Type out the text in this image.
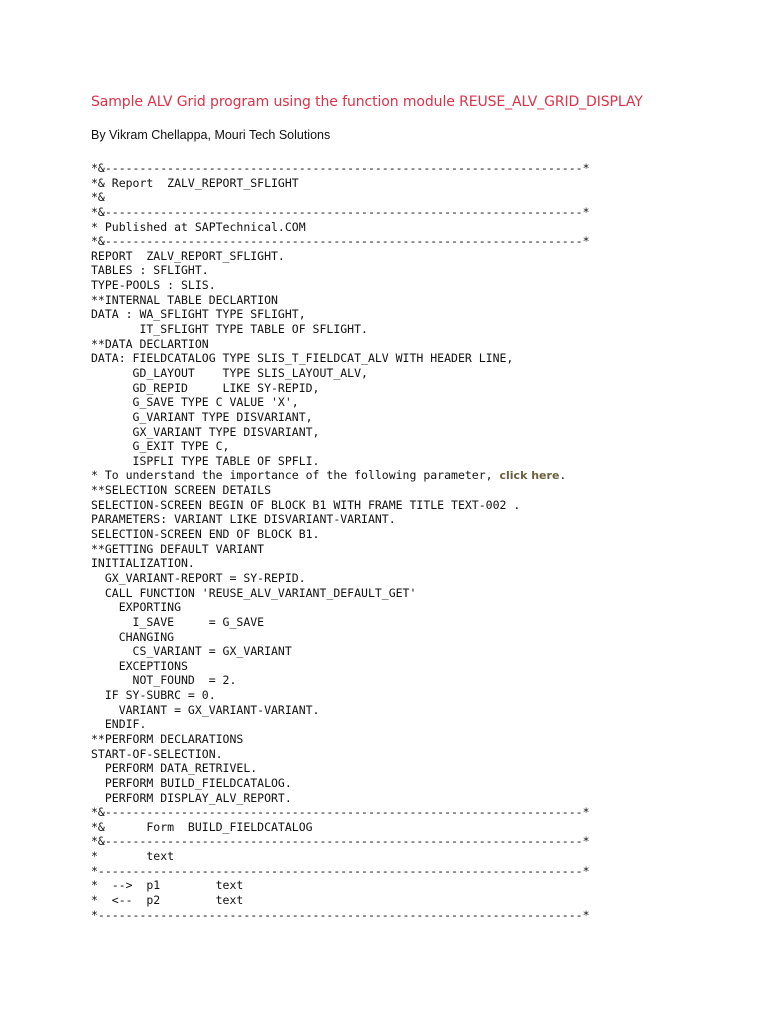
Sample ALV Grid program using the function module REUSE_ALV_GRID_DISPLAY

By Vikram Chellappa, Mouri Tech Solutions

*&---------------------------------------------------------------------*
*& Report  ZALV_REPORT_SFLIGHT
*&
*&---------------------------------------------------------------------*
* Published at SAPTechnical.COM
*&---------------------------------------------------------------------*
REPORT  ZALV_REPORT_SFLIGHT.
TABLES : SFLIGHT.
TYPE-POOLS : SLIS.
**INTERNAL TABLE DECLARTION
DATA : WA_SFLIGHT TYPE SFLIGHT,
IT_SFLIGHT TYPE TABLE OF SFLIGHT.
**DATA DECLARTION
DATA: FIELDCATALOG TYPE SLIS_T_FIELDCAT_ALV WITH HEADER LINE,
GD_LAYOUT    TYPE SLIS_LAYOUT_ALV,
GD_REPID     LIKE SY-REPID,
G_SAVE TYPE C VALUE 'X',
G_VARIANT TYPE DISVARIANT,
GX_VARIANT TYPE DISVARIANT,
G_EXIT TYPE C,
ISPFLI TYPE TABLE OF SPFLI.
* To understand the importance of the following parameter, click here.
**SELECTION SCREEN DETAILS
SELECTION-SCREEN BEGIN OF BLOCK B1 WITH FRAME TITLE TEXT-002 .
PARAMETERS: VARIANT LIKE DISVARIANT-VARIANT.
SELECTION-SCREEN END OF BLOCK B1.
**GETTING DEFAULT VARIANT
INITIALIZATION.
GX_VARIANT-REPORT = SY-REPID.
CALL FUNCTION 'REUSE_ALV_VARIANT_DEFAULT_GET'
EXPORTING
I_SAVE     = G_SAVE
CHANGING
CS_VARIANT = GX_VARIANT
EXCEPTIONS
NOT_FOUND  = 2.
IF SY-SUBRC = 0.
VARIANT = GX_VARIANT-VARIANT.
ENDIF.
**PERFORM DECLARATIONS
START-OF-SELECTION.
PERFORM DATA_RETRIVEL.
PERFORM BUILD_FIELDCATALOG.
PERFORM DISPLAY_ALV_REPORT.
*&---------------------------------------------------------------------*
*&      Form  BUILD_FIELDCATALOG
*&---------------------------------------------------------------------*
*       text
*----------------------------------------------------------------------*
*  -->  p1        text
*  <--  p2        text
*----------------------------------------------------------------------*
